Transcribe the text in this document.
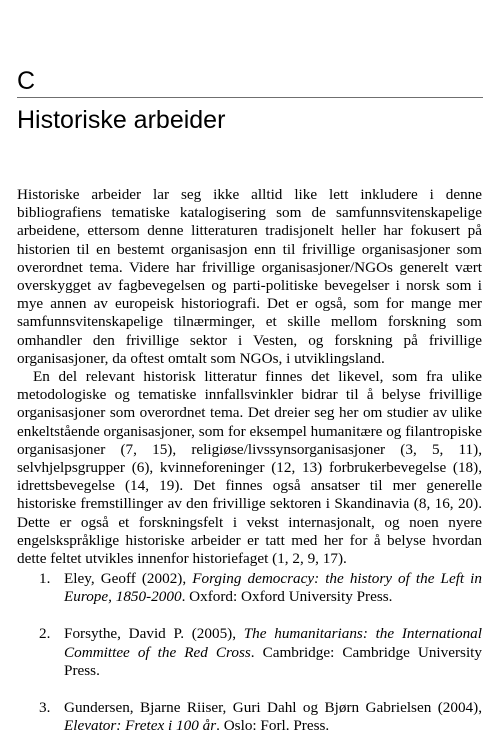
C
Historiske arbeider

Historiske arbeider lar seg ikke alltid like lett inkludere i denne bibliografiens tematiske katalogisering som de samfunnsvitenskapelige arbeidene, ettersom denne litteraturen tradisjonelt heller har fokusert på historien til en bestemt organisasjon enn til frivillige organisasjoner som overordnet tema. Videre har frivillige organisasjoner/NGOs generelt vært overskygget av fagbevegelsen og parti-politiske bevegelser i norsk som i mye annen av europeisk historiografi. Det er også, som for mange mer samfunnsvitenskapelige tilnærminger, et skille mellom forskning som omhandler den frivillige sektor i Vesten, og forskning på frivillige organisasjoner, da oftest omtalt som NGOs, i utviklingsland.

En del relevant historisk litteratur finnes det likevel, som fra ulike metodologiske og tematiske innfallsvinkler bidrar til å belyse frivillige organisasjoner som overordnet tema. Det dreier seg her om studier av ulike enkeltstående organisasjoner, som for eksempel humanitære og filantropiske organisasjoner (7, 15), religiøse/livssynsorganisasjoner (3, 5, 11), selvhjelpsgrupper (6), kvinneforeninger (12, 13) forbrukerbevegelse (18), idrettsbevegelse (14, 19). Det finnes også ansatser til mer generelle historiske fremstillinger av den frivillige sektoren i Skandinavia (8, 16, 20). Dette er også et forskningsfelt i vekst internasjonalt, og noen nyere engelskspråklige historiske arbeider er tatt med her for å belyse hvordan dette feltet utvikles innenfor historiefaget (1, 2, 9, 17).

1. Eley, Geoff (2002), Forging democracy: the history of the Left in Europe, 1850-2000. Oxford: Oxford University Press.
2. Forsythe, David P. (2005), The humanitarians: the International Committee of the Red Cross. Cambridge: Cambridge University Press.
3. Gundersen, Bjarne Riiser, Guri Dahl og Bjørn Gabrielsen (2004), Elevator: Fretex i 100 år. Oslo: Forl. Press.
